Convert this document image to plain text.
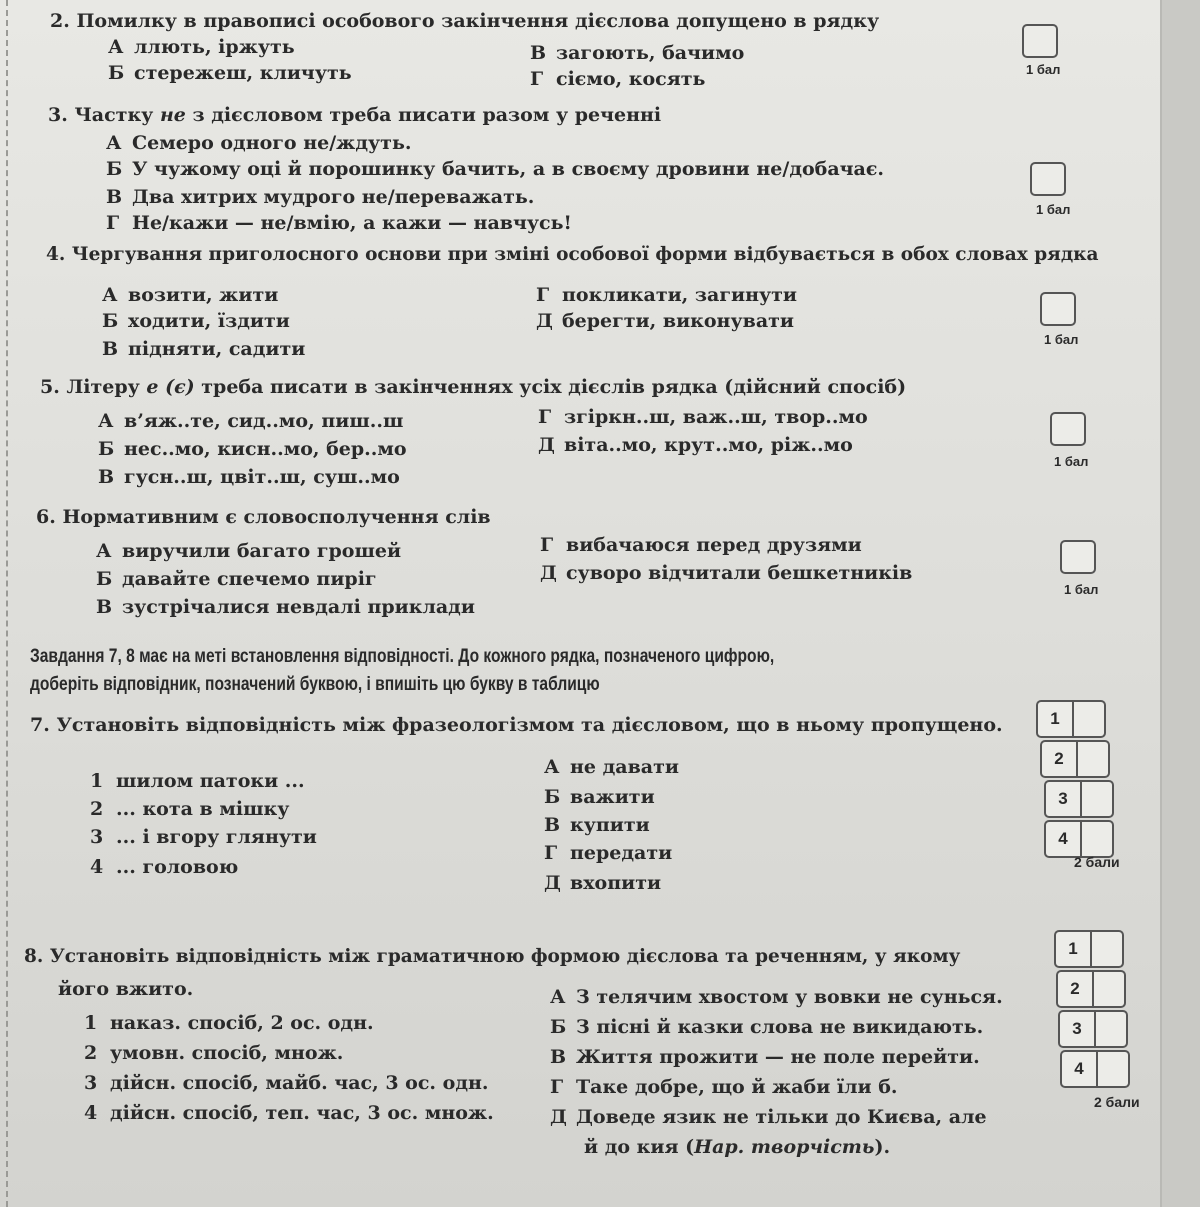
2. Помилку в правописі особового закінчення дієслова допущено в рядку
А ллють, іржуть
Б стережеш, кличуть
В загоють, бачимо
Г сіємо, косять	1 бал
3. Частку не з дієсловом треба писати разом у реченні
А Семеро одного не/ждуть.
Б У чужому оці й порошинку бачить, а в своєму дровини не/добачає.
В Два хитрих мудрого не/переважать.
Г Не/кажи — не/вмію, а кажи — навчусь!
1 бал
4. Чергування приголосного основи при зміні особової форми відбувається в обох словах рядка
А возити, жити
Б ходити, їздити
В підняти, садити
Г покликати, загинути
Д берегти, виконувати
1 бал
5. Літеру е (є) треба писати в закінченнях усіх дієслів рядка (дійсний спосіб)
А в’яж..те, сид..мо, пиш..ш
Б нес..мо, кисн..мо, бер..мо
В гусн..ш, цвіт..ш, суш..мо
Г згіркн..ш, важ..ш, твор..мо
Д віта..мо, крут..мо, ріж..мо
1 бал
6. Нормативним є словосполучення слів
А виручили багато грошей
Б давайте спечемо пиріг
В зустрічалися невдалі приклади
Г вибачаюся перед друзями
Д суворо відчитали бешкетників
1 бал
Завдання 7, 8 має на меті встановлення відповідності. До кожного рядка, позначеного цифрою,
доберіть відповідник, позначений буквою, і впишіть цю букву в таблицю
7. Установіть відповідність між фразеологізмом та дієсловом, що в ньому пропущено.
1 шилом патоки ...
2 ... кота в мішку
3 ... і вгору глянути
4 ... головою
А не давати
Б важити
В купити
Г передати
Д вхопити
1
2
3
4
2 бали
8. Установіть відповідність між граматичною формою дієслова та реченням, у якому
його вжито.
1 наказ. спосіб, 2 ос. одн.
2 умовн. спосіб, множ.
3 дійсн. спосіб, майб. час, 3 ос. одн.
4 дійсн. спосіб, теп. час, 3 ос. множ.
А З телячим хвостом у вовки не сунься.
Б З пісні й казки слова не викидають.
В Життя прожити — не поле перейти.
Г Таке добре, що й жаби їли б.
Д Доведе язик не тільки до Києва, але
й до кия (Нар. творчість).
1
2
3
4
2 бали
